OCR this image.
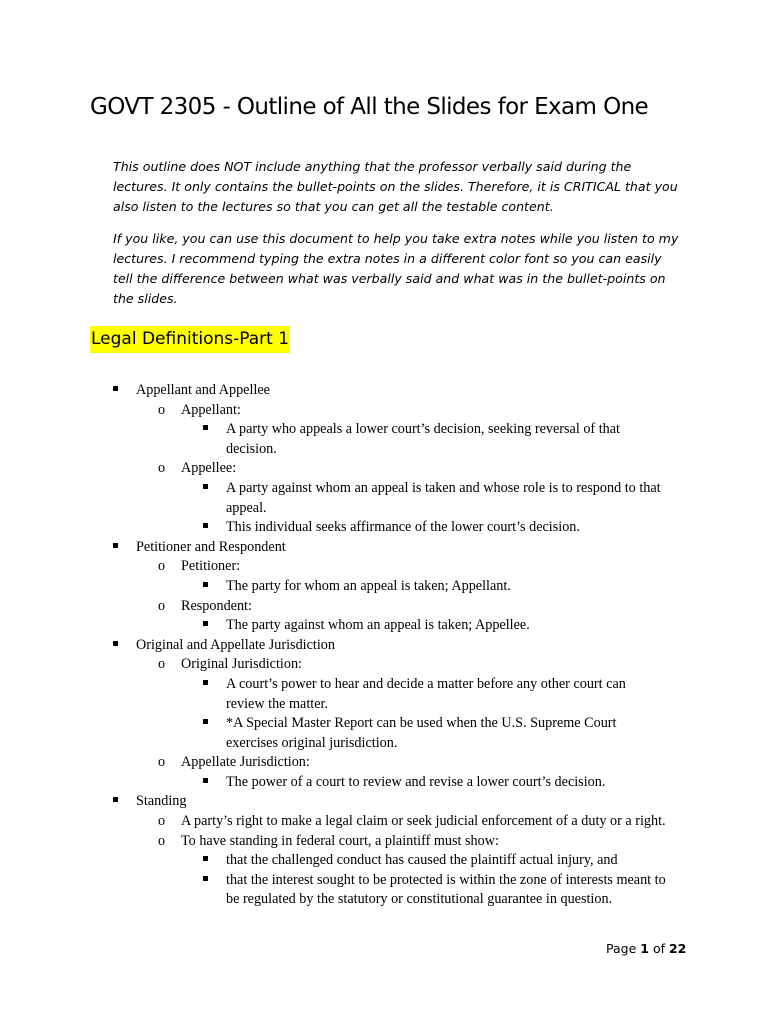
GOVT 2305 - Outline of All the Slides for Exam One

This outline does NOT include anything that the professor verbally said during the lectures. It only contains the bullet-points on the slides. Therefore, it is CRITICAL that you also listen to the lectures so that you can get all the testable content.

If you like, you can use this document to help you take extra notes while you listen to my lectures. I recommend typing the extra notes in a different color font so you can easily tell the difference between what was verbally said and what was in the bullet-points on the slides.

Legal Definitions-Part 1
Appellant and Appellee
o Appellant:
A party who appeals a lower court’s decision, seeking reversal of that decision.
o Appellee:
A party against whom an appeal is taken and whose role is to respond to that appeal.
This individual seeks affirmance of the lower court’s decision.
Petitioner and Respondent
o Petitioner:
The party for whom an appeal is taken; Appellant.
o Respondent:
The party against whom an appeal is taken; Appellee.
Original and Appellate Jurisdiction
o Original Jurisdiction:
A court’s power to hear and decide a matter before any other court can review the matter.
*A Special Master Report can be used when the U.S. Supreme Court exercises original jurisdiction.
o Appellate Jurisdiction:
The power of a court to review and revise a lower court’s decision.
Standing
o A party’s right to make a legal claim or seek judicial enforcement of a duty or a right.
o To have standing in federal court, a plaintiff must show:
that the challenged conduct has caused the plaintiff actual injury, and
that the interest sought to be protected is within the zone of interests meant to be regulated by the statutory or constitutional guarantee in question.
Page 1 of 22
